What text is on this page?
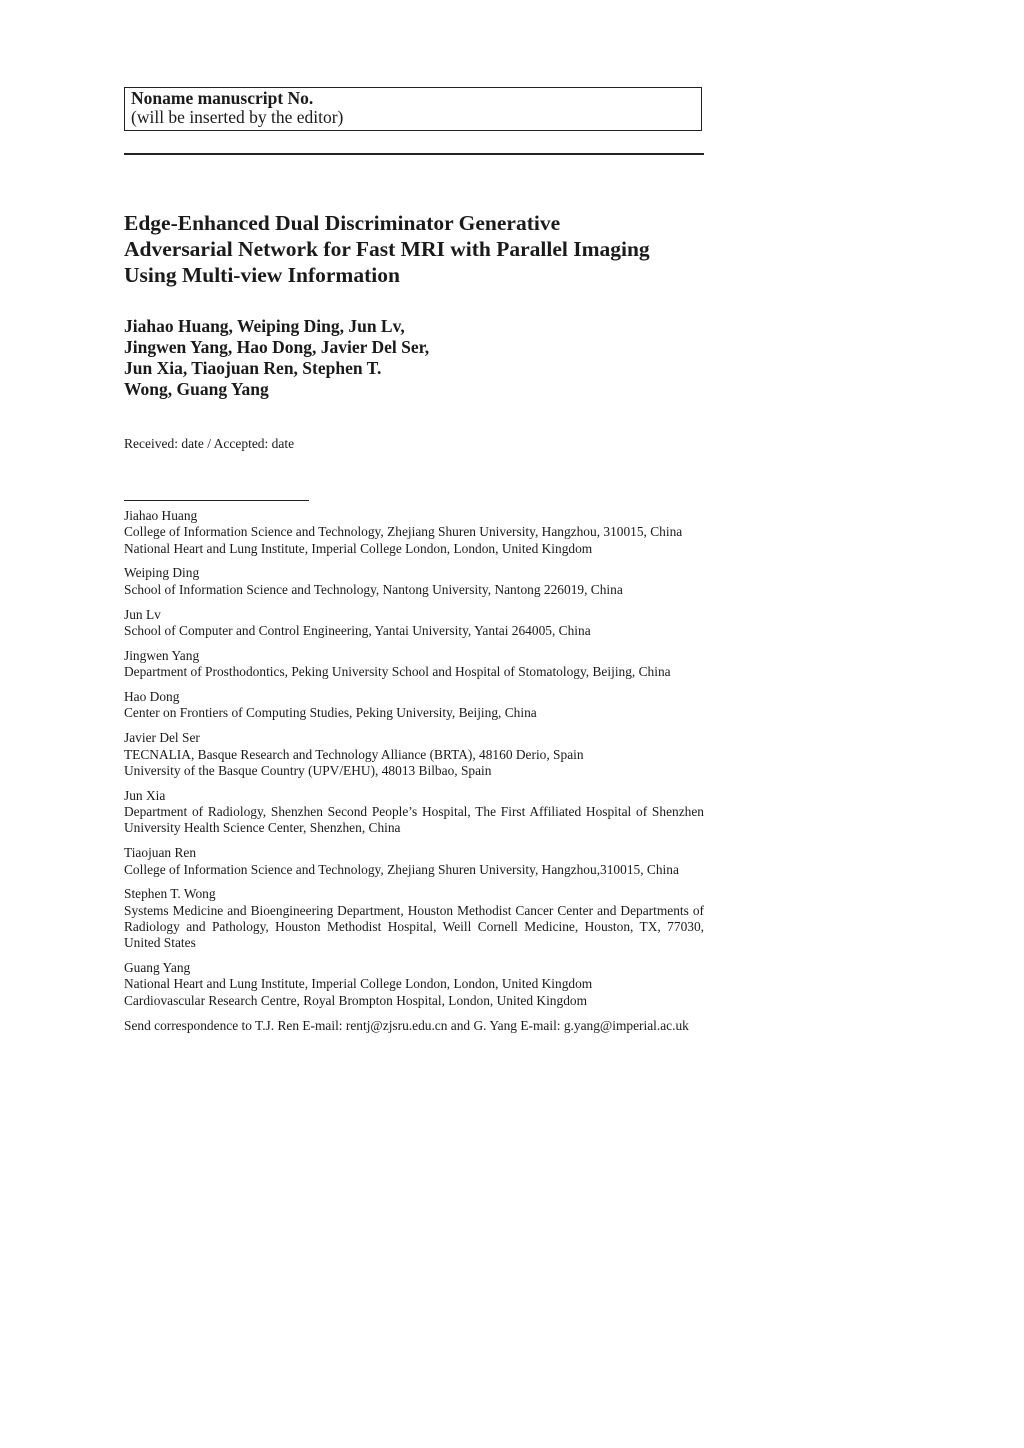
Noname manuscript No.
(will be inserted by the editor)
Edge-Enhanced Dual Discriminator Generative
Adversarial Network for Fast MRI with Parallel Imaging
Using Multi-view Information
Jiahao Huang, Weiping Ding, Jun Lv,
Jingwen Yang, Hao Dong, Javier Del Ser,
Jun Xia, Tiaojuan Ren, Stephen T.
Wong, Guang Yang
Received: date / Accepted: date
Jiahao Huang
College of Information Science and Technology, Zhejiang Shuren University, Hangzhou, 310015, China
National Heart and Lung Institute, Imperial College London, London, United Kingdom
Weiping Ding
School of Information Science and Technology, Nantong University, Nantong 226019, China
Jun Lv
School of Computer and Control Engineering, Yantai University, Yantai 264005, China
Jingwen Yang
Department of Prosthodontics, Peking University School and Hospital of Stomatology, Beijing, China
Hao Dong
Center on Frontiers of Computing Studies, Peking University, Beijing, China
Javier Del Ser
TECNALIA, Basque Research and Technology Alliance (BRTA), 48160 Derio, Spain
University of the Basque Country (UPV/EHU), 48013 Bilbao, Spain
Jun Xia
Department of Radiology, Shenzhen Second People’s Hospital, The First Affiliated Hospital of Shenzhen University Health Science Center, Shenzhen, China
Tiaojuan Ren
College of Information Science and Technology, Zhejiang Shuren University, Hangzhou,310015, China
Stephen T. Wong
Systems Medicine and Bioengineering Department, Houston Methodist Cancer Center and Departments of Radiology and Pathology, Houston Methodist Hospital, Weill Cornell Medicine, Houston, TX, 77030, United States
Guang Yang
National Heart and Lung Institute, Imperial College London, London, United Kingdom
Cardiovascular Research Centre, Royal Brompton Hospital, London, United Kingdom
Send correspondence to T.J. Ren E-mail: rentj@zjsru.edu.cn and G. Yang E-mail: g.yang@imperial.ac.uk
